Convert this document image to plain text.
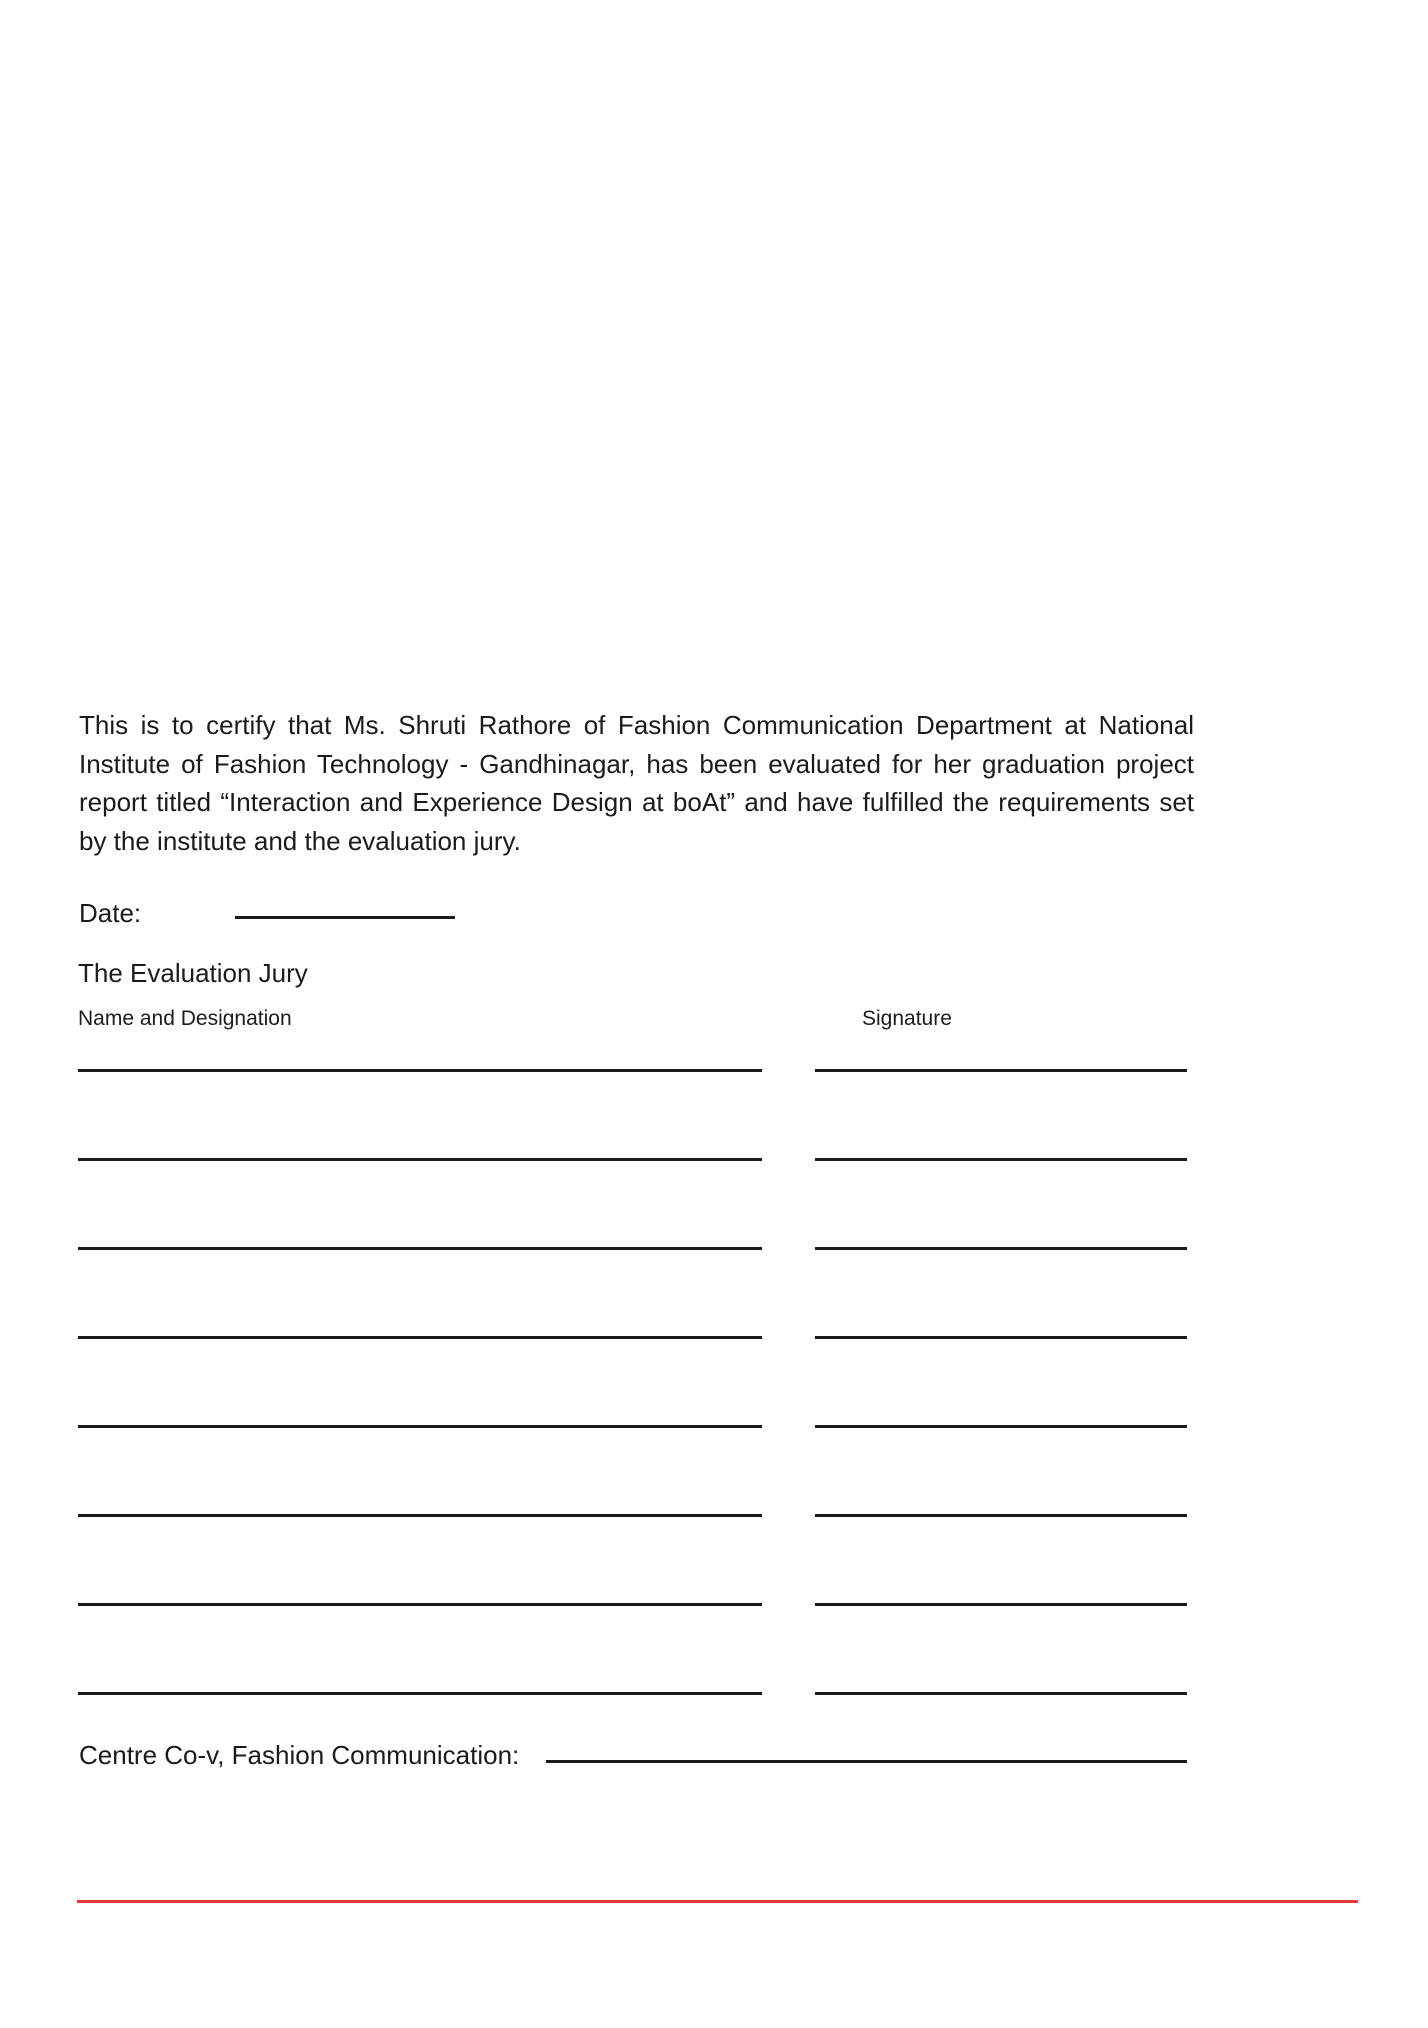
This is to certify that Ms. Shruti Rathore of Fashion Communication Department at National Institute of Fashion Technology - Gandhinagar, has been evaluated for her graduation project report titled “Interaction and Experience Design at boAt” and have fulfilled the requirements set by the institute and the evaluation jury.

Date:
The Evaluation Jury
Name and Designation	Signature
Centre Co-v, Fashion Communication:
